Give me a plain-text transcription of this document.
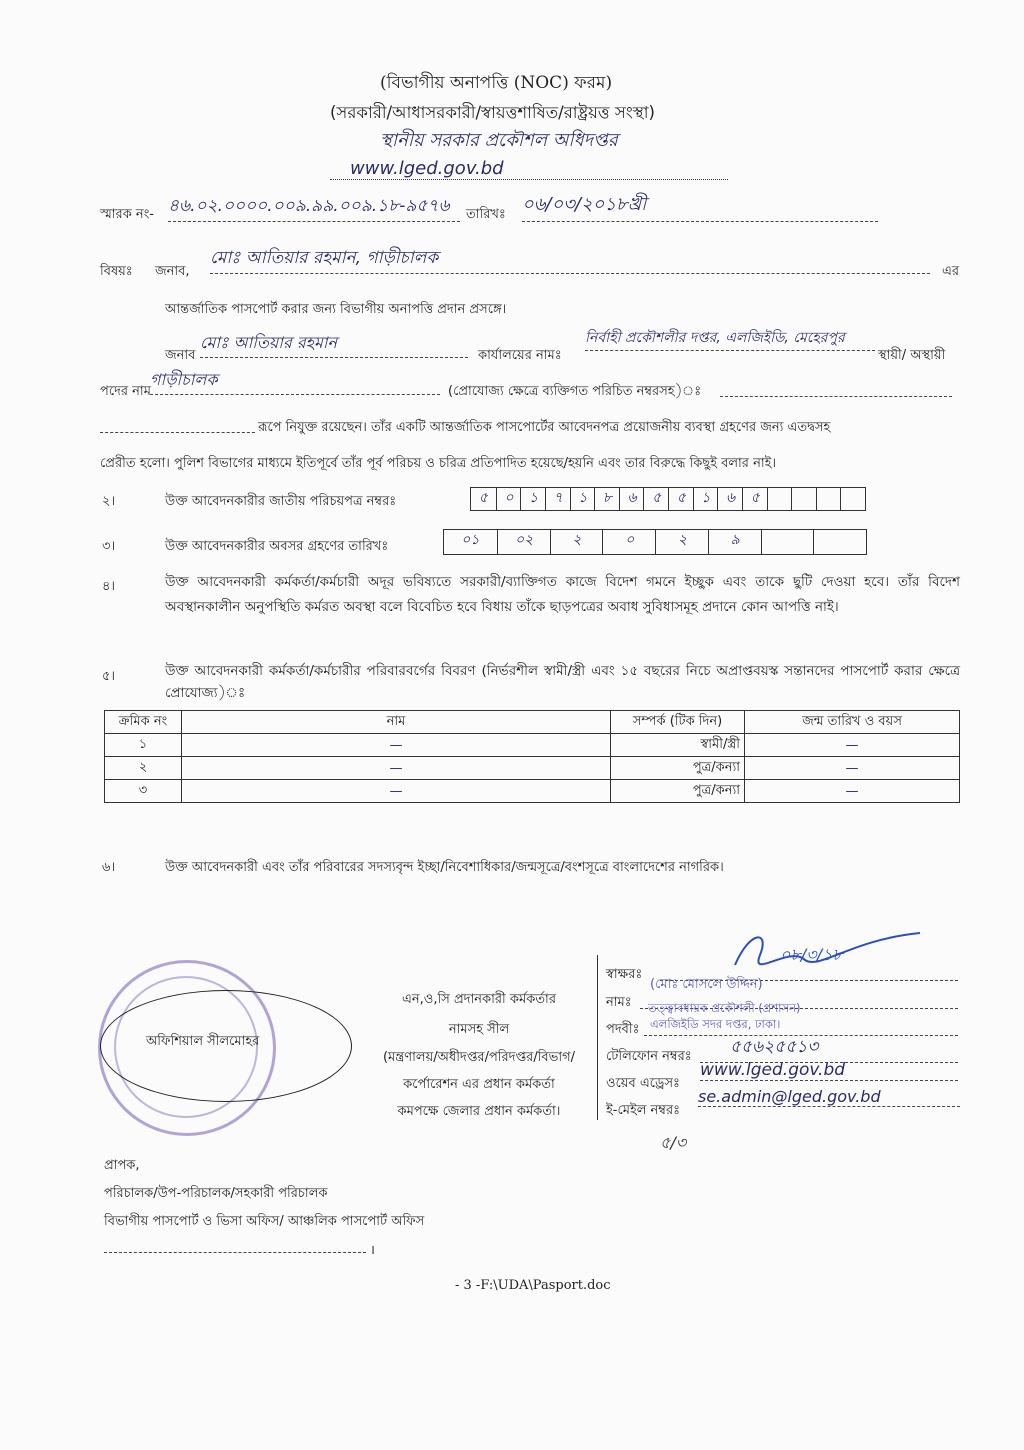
(বিভাগীয় অনাপত্তি (NOC) ফরম)
(সরকারী/আধাসরকারী/স্বায়ত্তশাষিত/রাষ্ট্রয়ত্ত সংস্থা)
স্থানীয় সরকার প্রকৌশল অধিদপ্তর
www.lged.gov.bd
স্মারক নং- ৪৬.০২.০০০০.০০৯.৯৯.০০৯.১৮-৯৫৭৬	তারিখঃ ০৬/০৩/২০১৮খ্রী
বিষয়ঃ জনাব,
মোঃ আতিয়ার রহমান, গাড়ীচালক
এর
আন্তর্জাতিক পাসপোর্ট করার জন্য বিভাগীয় অনাপত্তি প্রদান প্রসঙ্গে।
জনাব
মোঃ আতিয়ার রহমান
কার্যালয়ের নামঃ
নির্বাহী প্রকৌশলীর দপ্তর, এলজিইডি, মেহেরপুর
স্থায়ী/ অস্থায়ী
পদের নাম
গাড়ীচালক
(প্রোযোজ্য ক্ষেত্রে ব্যক্তিগত পরিচিত নম্বরসহ)ঃ
রূপে নিযুক্ত রয়েছেন। তাঁর একটি আন্তর্জাতিক পাসপোর্টের আবেদনপত্র প্রয়োজনীয় ব্যবস্থা গ্রহণের জন্য এতদ্বসহ
প্রেরীত হলো। পুলিশ বিভাগের মাধ্যমে ইতিপূর্বে তাঁর পূর্ব পরিচয় ও চরিত্র প্রতিপাদিত হয়েছে/হয়নি এবং তার বিরুদ্ধে কিছুই বলার নাই।
২।	উক্ত আবেদনকারীর জাতীয় পরিচয়পত্র নম্বরঃ	৫	০	১	৭	১	৮	৬	৫	৫	১	৬	৫
৩।	উক্ত আবেদনকারীর অবসর গ্রহণের তারিখঃ	০১	০২	২	০	২	৯
৪।	উক্ত আবেদনকারী কর্মকর্তা/কর্মচারী অদূর ভবিষ্যতে সরকারী/ব্যাক্তিগত কাজে বিদেশ গমনে ইচ্ছুক এবং তাকে ছুটি দেওয়া হবে। তাঁর বিদেশ অবস্থানকালীন অনুপস্থিতি কর্মরত অবস্থা বলে বিবেচিত হবে বিধায় তাঁকে ছাড়পত্রের অবাধ সুবিধাসমূহ প্রদানে কোন আপত্তি নাই।
৫।	উক্ত আবেদনকারী কর্মকর্তা/কর্মচারীর পরিবারবর্গের বিবরণ (নির্ভরশীল স্বামী/স্ত্রী এবং ১৫ বছরের নিচে অপ্রাপ্তবয়স্ক সন্তানদের পাসপোর্ট করার ক্ষেত্রে প্রোযোজ্য)ঃ
ক্রমিক নং	নাম	সম্পর্ক (টিক দিন)	জন্ম তারিখ ও বয়স
১	—	স্বামী/স্ত্রী	—
২	—	পুত্র/কন্যা	—
৩	—	পুত্র/কন্যা	—
৬।	উক্ত আবেদনকারী এবং তাঁর পরিবারের সদস্যবৃন্দ ইচ্ছা/নিবেশাধিকার/জন্মসূত্রে/বংশসূত্রে বাংলাদেশের নাগরিক।
অফিশিয়াল সীলমোহর
এন,ও,সি প্রদানকারী কর্মকর্তার
নামসহ সীল
(মন্ত্রণালয়/অধীদপ্তর/পরিদপ্তর/বিভাগ/
কর্পোরেশন এর প্রধান কর্মকর্তা
কমপক্ষে জেলার প্রধান কর্মকর্তা।
স্বাক্ষরঃ
০৮/৩/১৮
নামঃ
(মোঃ মোসলে উদ্দিন)
পদবীঃ
তত্ত্বাবধায়ক প্রকৌশলী (প্রশাসন)
এলজিইডি সদর দপ্তর, ঢাকা।
টেলিফোন নম্বরঃ	৫৫৬২৫৫১৩
ওয়েব এড্রেসঃ
www.lged.gov.bd
ই-মেইল নম্বরঃ
se.admin@lged.gov.bd
৫/৩
প্রাপক,
পরিচালক/উপ-পরিচালক/সহকারী পরিচালক
বিভাগীয় পাসপোর্ট ও ভিসা অফিস/ আঞ্চলিক পাসপোর্ট অফিস
।
- 3 -F:\UDA\Pasport.doc
